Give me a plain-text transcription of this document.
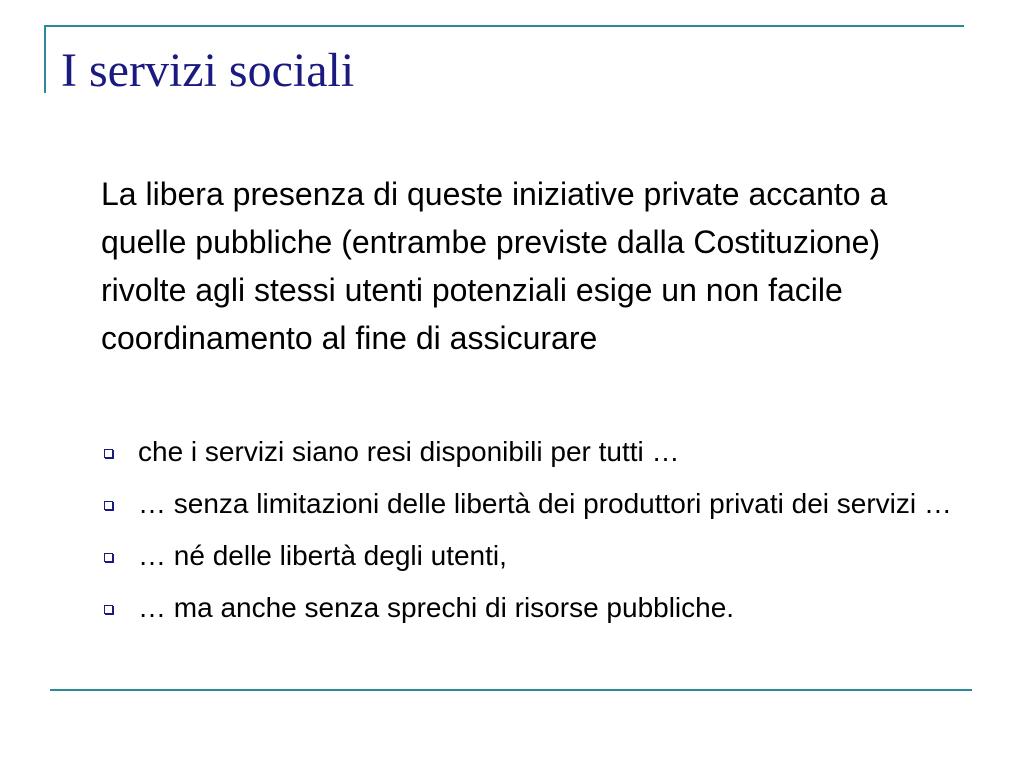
I servizi sociali

La libera presenza di queste iniziative private accanto a quelle pubbliche (entrambe previste dalla Costituzione) rivolte agli stessi utenti potenziali esige un non facile coordinamento al fine di assicurare

che i servizi siano resi disponibili per tutti …
… senza limitazioni delle libertà dei produttori privati dei servizi …
… né delle libertà degli utenti,
… ma anche senza sprechi di risorse pubbliche.
